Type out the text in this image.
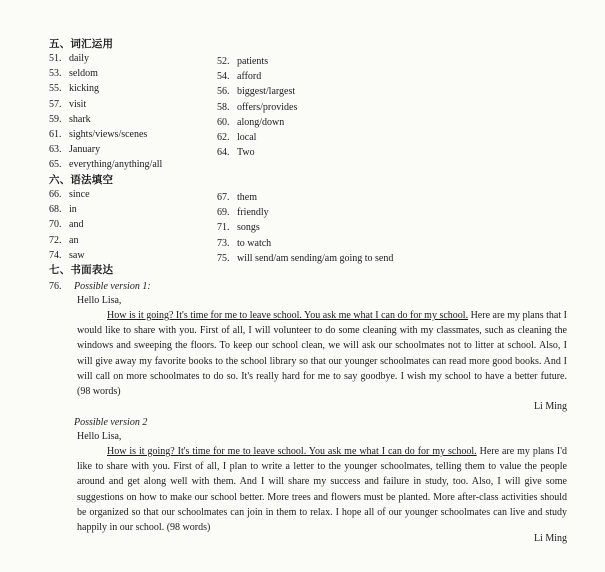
五、词汇运用
51. daily
53. seldom
55. kicking
57. visit
59. shark
61. sights/views/scenes
63. January
65. everything/anything/all
52. patients
54. afford
56. biggest/largest
58. offers/provides
60. along/down
62. local
64. Two
六、语法填空
66. since
68. in
70. and
72. an
74. saw
67. them
69. friendly
71. songs
73. to watch
75. will send/am sending/am going to send
七、书面表达
76. Possible version 1:
Hello Lisa,
How is it going? It's time for me to leave school. You ask me what I can do for my school. Here are my plans that I would like to share with you. First of all, I will volunteer to do some cleaning with my classmates, such as cleaning the windows and sweeping the floors. To keep our school clean, we will ask our schoolmates not to litter at school. Also, I will give away my favorite books to the school library so that our younger schoolmates can read more good books. And I will call on more schoolmates to do so. It's really hard for me to say goodbye. I wish my school to have a better future. (98 words)
Li Ming
Possible version 2
Hello Lisa,
How is it going? It's time for me to leave school. You ask me what I can do for my school. Here are my plans I'd like to share with you. First of all, I plan to write a letter to the younger schoolmates, telling them to value the people around and get along well with them. And I will share my success and failure in study, too. Also, I will give some suggestions on how to make our school better. More trees and flowers must be planted. More after-class activities should be organized so that our schoolmates can join in them to relax. I hope all of our younger schoolmates can live and study happily in our school. (98 words)
Li Ming
